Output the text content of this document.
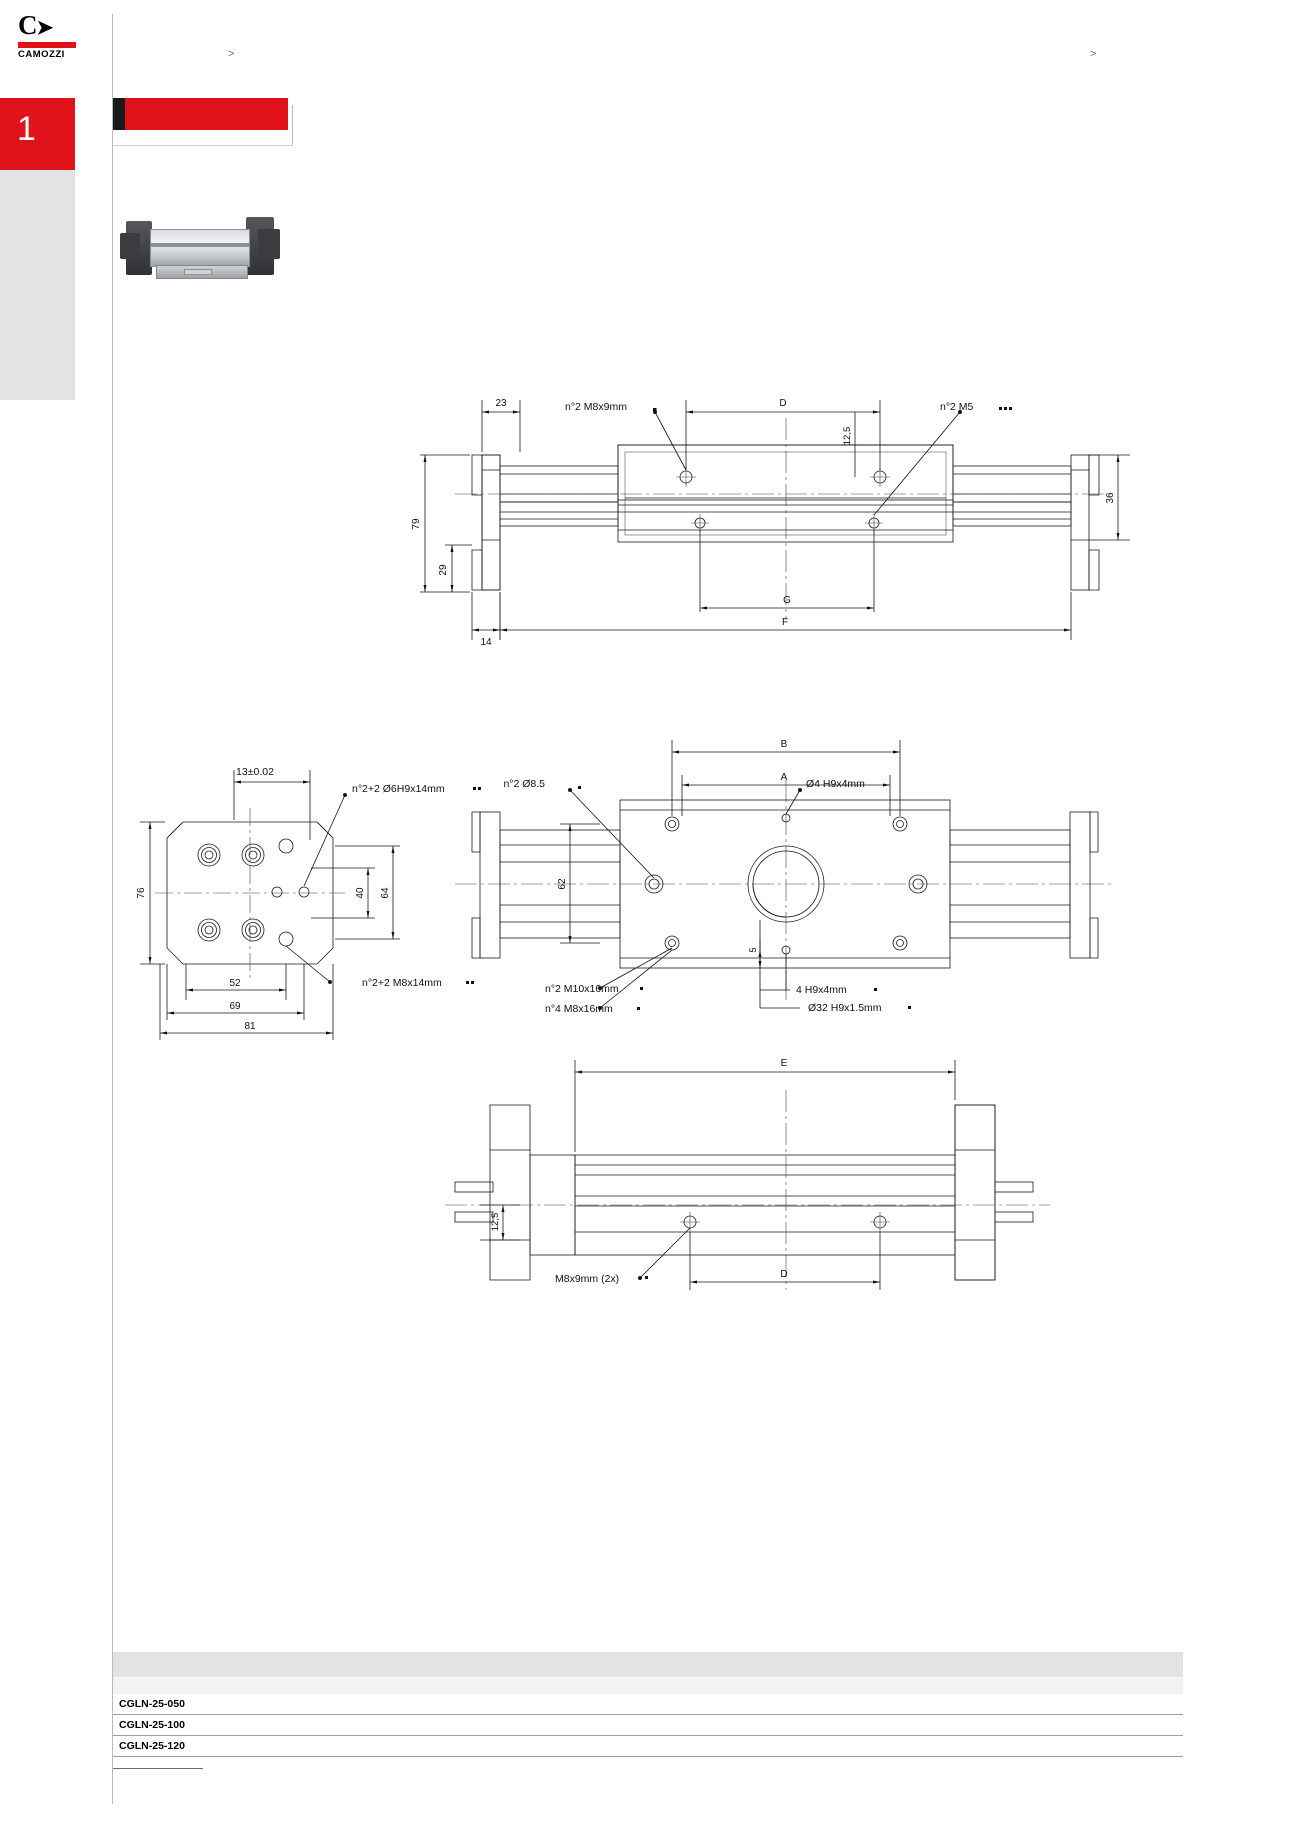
C➤
CAMOZZI
1
>	>
23	D
12,5
n°2 M8x9mm	n°2 M5
36
79
29
14
G
F
13±0.02
n°2+2 Ø6H9x14mm
76	64
40
52
69
81
n°2+2 M8x14mm
B
A
n°2 Ø8.5	Ø4 H9x4mm
62
5
n°2 M10x16mm
n°4 M8x16mm
4 H9x4mm
Ø32 H9x1.5mm
E
12,5
M8x9mm (2x)	D
CGLN-25-050
CGLN-25-100
CGLN-25-120
